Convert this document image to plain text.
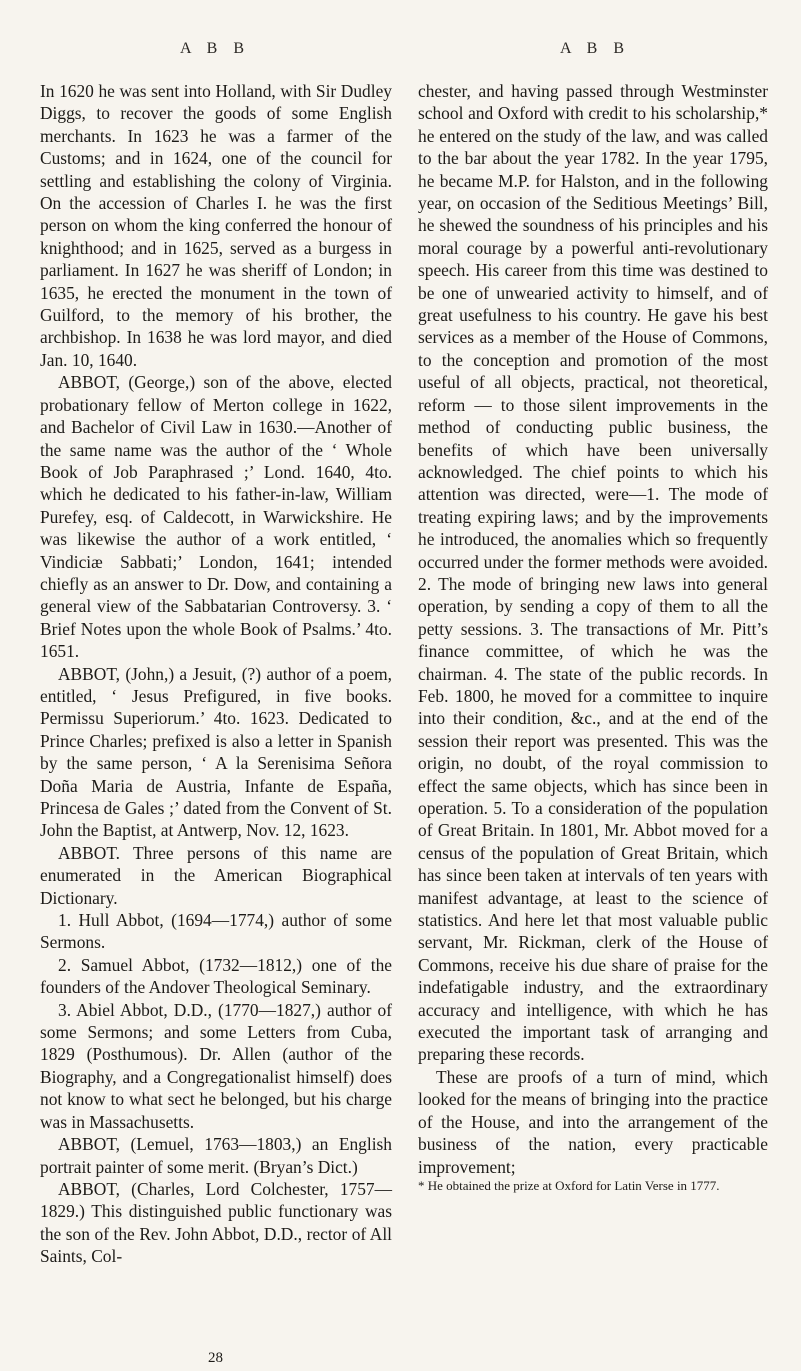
A B B	A B B

In 1620 he was sent into Holland, with Sir Dudley Diggs, to recover the goods of some English merchants. In 1623 he was a farmer of the Customs; and in 1624, one of the council for settling and establishing the colony of Virginia. On the accession of Charles I. he was the first person on whom the king conferred the honour of knighthood; and in 1625, served as a burgess in parliament. In 1627 he was sheriff of London; in 1635, he erected the monument in the town of Guilford, to the memory of his brother, the archbishop. In 1638 he was lord mayor, and died Jan. 10, 1640.

ABBOT, (George,) son of the above, elected probationary fellow of Merton college in 1622, and Bachelor of Civil Law in 1630.—Another of the same name was the author of the ‘ Whole Book of Job Paraphrased ;’ Lond. 1640, 4to. which he dedicated to his father-in-law, William Purefey, esq. of Caldecott, in Warwickshire. He was likewise the author of a work entitled, ‘ Vindiciæ Sabbati;’ London, 1641; intended chiefly as an answer to Dr. Dow, and containing a general view of the Sabbatarian Controversy. 3. ‘ Brief Notes upon the whole Book of Psalms.’ 4to. 1651.

ABBOT, (John,) a Jesuit, (?) author of a poem, entitled, ‘ Jesus Prefigured, in five books. Permissu Superiorum.’ 4to. 1623. Dedicated to Prince Charles; prefixed is also a letter in Spanish by the same person, ‘ A la Serenisima Señora Doña Maria de Austria, Infante de España, Princesa de Gales ;’ dated from the Convent of St. John the Baptist, at Antwerp, Nov. 12, 1623.

ABBOT. Three persons of this name are enumerated in the American Biographical Dictionary.

1. Hull Abbot, (1694—1774,) author of some Sermons.

2. Samuel Abbot, (1732—1812,) one of the founders of the Andover Theological Seminary.

3. Abiel Abbot, D.D., (1770—1827,) author of some Sermons; and some Letters from Cuba, 1829 (Posthumous). Dr. Allen (author of the Biography, and a Congregationalist himself) does not know to what sect he belonged, but his charge was in Massachusetts.

ABBOT, (Lemuel, 1763—1803,) an English portrait painter of some merit. (Bryan’s Dict.)

ABBOT, (Charles, Lord Colchester, 1757—1829.) This distinguished public functionary was the son of the Rev. John Abbot, D.D., rector of All Saints, Col-

chester, and having passed through Westminster school and Oxford with credit to his scholarship,* he entered on the study of the law, and was called to the bar about the year 1782. In the year 1795, he became M.P. for Halston, and in the following year, on occasion of the Seditious Meetings’ Bill, he shewed the soundness of his principles and his moral courage by a powerful anti-revolutionary speech. His career from this time was destined to be one of unwearied activity to himself, and of great usefulness to his country. He gave his best services as a member of the House of Commons, to the conception and promotion of the most useful of all objects, practical, not theoretical, reform — to those silent improvements in the method of conducting public business, the benefits of which have been universally acknowledged. The chief points to which his attention was directed, were—1. The mode of treating expiring laws; and by the improvements he introduced, the anomalies which so frequently occurred under the former methods were avoided. 2. The mode of bringing new laws into general operation, by sending a copy of them to all the petty sessions. 3. The transactions of Mr. Pitt’s finance committee, of which he was the chairman. 4. The state of the public records. In Feb. 1800, he moved for a committee to inquire into their condition, &c., and at the end of the session their report was presented. This was the origin, no doubt, of the royal commission to effect the same objects, which has since been in operation. 5. To a consideration of the population of Great Britain. In 1801, Mr. Abbot moved for a census of the population of Great Britain, which has since been taken at intervals of ten years with manifest advantage, at least to the science of statistics. And here let that most valuable public servant, Mr. Rickman, clerk of the House of Commons, receive his due share of praise for the indefatigable industry, and the extraordinary accuracy and intelligence, with which he has executed the important task of arranging and preparing these records.

These are proofs of a turn of mind, which looked for the means of bringing into the practice of the House, and into the arrangement of the business of the nation, every practicable improvement;

* He obtained the prize at Oxford for Latin Verse in 1777.

28
